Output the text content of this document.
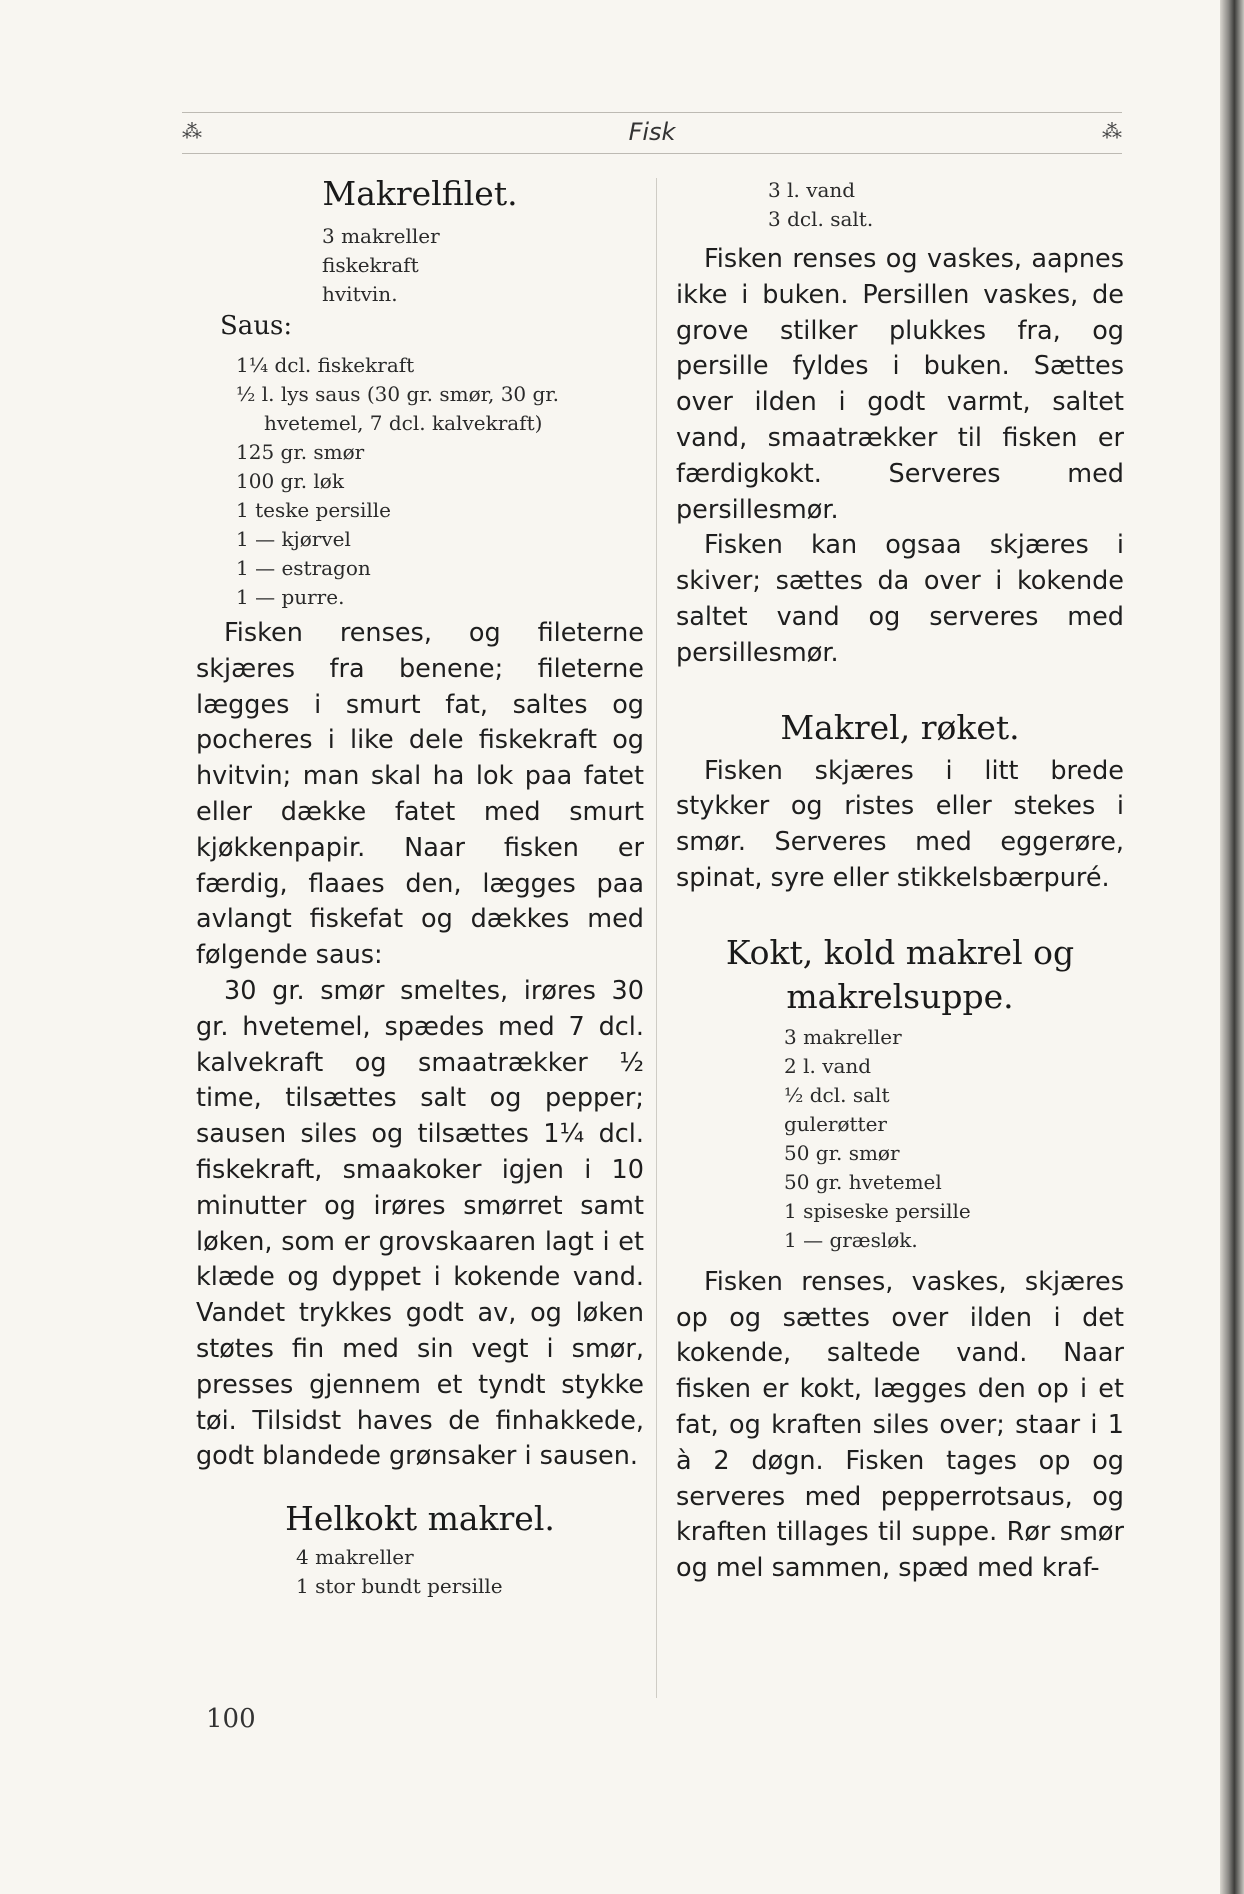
⁂	Fisk	⁂
Makrelfilet.
3 makreller
fiskekraft
hvitvin.
Saus:
1¼ dcl. fiskekraft
½ l. lys saus (30 gr. smør, 30 gr.
hvetemel, 7 dcl. kalvekraft)
125 gr. smør
100 gr. løk
1 teske persille
1 — kjørvel
1 — estragon
1 — purre.

Fisken renses, og fileterne skjæres fra benene; fileterne lægges i smurt fat, saltes og pocheres i like dele fiskekraft og hvitvin; man skal ha lok paa fatet eller dække fatet med smurt kjøkkenpapir. Naar fisken er færdig, flaaes den, lægges paa avlangt fiskefat og dækkes med følgende saus:

30 gr. smør smeltes, irøres 30 gr. hvetemel, spædes med 7 dcl. kalvekraft og smaatrækker ½ time, tilsættes salt og pepper; sausen siles og tilsættes 1¼ dcl. fiskekraft, smaakoker igjen i 10 minutter og irøres smørret samt løken, som er grovskaaren lagt i et klæde og dyppet i kokende vand. Vandet trykkes godt av, og løken støtes fin med sin vegt i smør, presses gjennem et tyndt stykke tøi. Tilsidst haves de finhakkede, godt blandede grønsaker i sausen.

Helkokt makrel.
4 makreller
1 stor bundt persille
100
3 l. vand
3 dcl. salt.

Fisken renses og vaskes, aapnes ikke i buken. Persillen vaskes, de grove stilker plukkes fra, og persille fyldes i buken. Sættes over ilden i godt varmt, saltet vand, smaatrækker til fisken er færdigkokt. Serveres med persillesmør.

Fisken kan ogsaa skjæres i skiver; sættes da over i kokende saltet vand og serveres med persillesmør.

Makrel, røket.

Fisken skjæres i litt brede stykker og ristes eller stekes i smør. Serveres med eggerøre, spinat, syre eller stikkelsbærpuré.

Kokt, kold makrel og
makrelsuppe.
3 makreller
2 l. vand
½ dcl. salt
gulerøtter
50 gr. smør
50 gr. hvetemel
1 spiseske persille
1 — græsløk.

Fisken renses, vaskes, skjæres op og sættes over ilden i det kokende, saltede vand. Naar fisken er kokt, lægges den op i et fat, og kraften siles over; staar i 1 à 2 døgn. Fisken tages op og serveres med pepperrotsaus, og kraften tillages til suppe. Rør smør og mel sammen, spæd med kraf-
